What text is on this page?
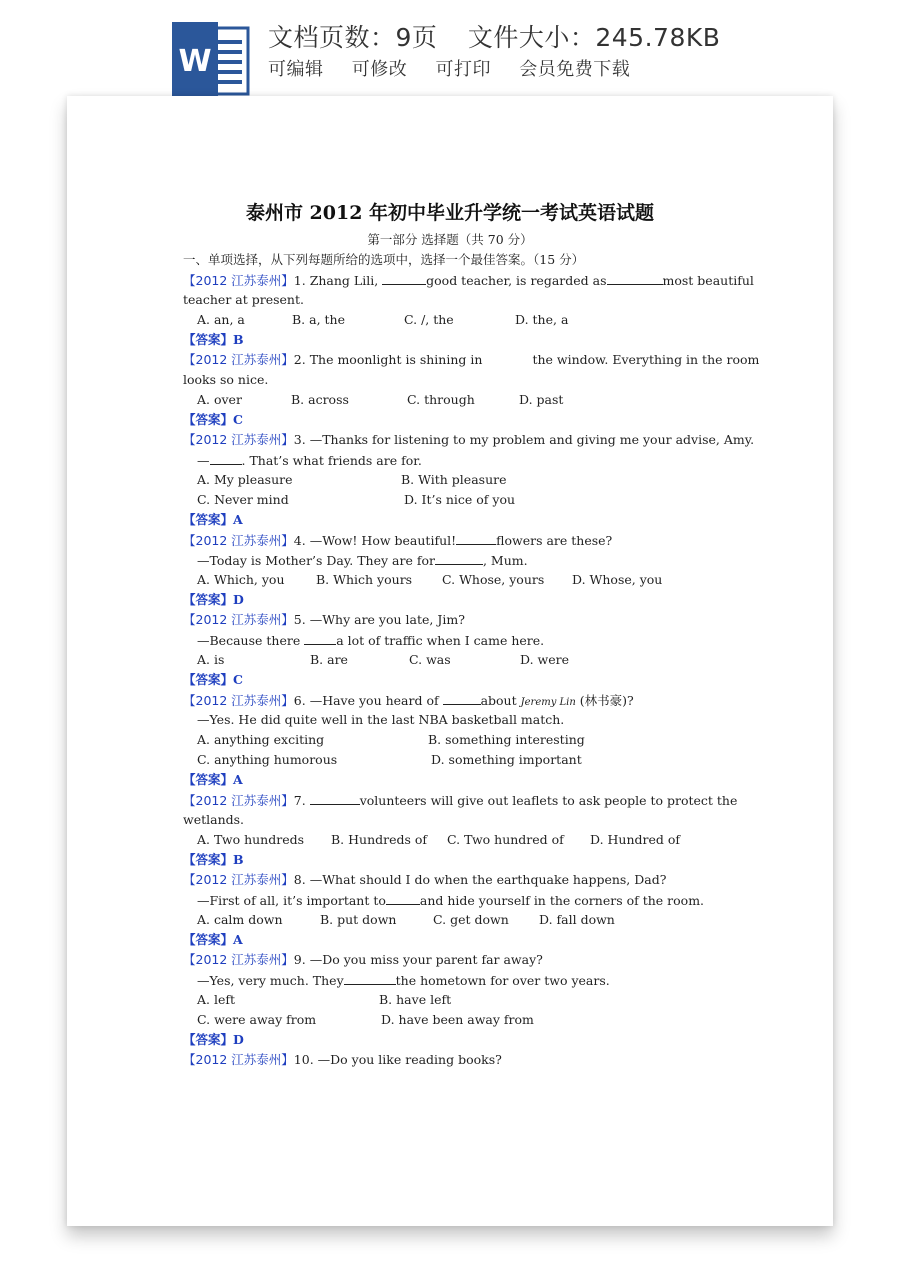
W
文档页数：9页 文件大小：245.78KB
可编辑 可修改 可打印 会员免费下载
泰州市 2012 年初中毕业升学统一考试英语试题
第一部分 选择题（共 70 分）
一、单项选择，从下列每题所给的选项中，选择一个最佳答案。（15 分）
【2012 江苏泰州】1. Zhang Lili,	good teacher, is regarded as	most beautiful
teacher at present.
A. an, a	B. a, the	C. /, the	D. the, a
【答案】B
【2012 江苏泰州】2. The moonlight is shining in	the window. Everything in the room
looks so nice.
A. over	B. across	C. through	D. past
【答案】C
【2012 江苏泰州】3. —Thanks for listening to my problem and giving me your advise, Amy.
—	. That’s what friends are for.
A. My pleasure	B. With pleasure
C. Never mind	D. It’s nice of you
【答案】A
【2012 江苏泰州】4. —Wow! How beautiful!	flowers are these?
—Today is Mother’s Day. They are for	, Mum.
A. Which, you	B. Which yours C. Whose, yours D. Whose, you
【答案】D
【2012 江苏泰州】5. —Why are you late, Jim?
—Because there	a lot of traffic when I came here.
A. is	B. are	C. was	D. were
【答案】C
【2012 江苏泰州】6. —Have you heard of	about Jeremy Lin (林书豪)?
—Yes. He did quite well in the last NBA basketball match.
A. anything exciting	B. something interesting
C. anything humorous	D. something important
【答案】A
【2012 江苏泰州】7.	volunteers will give out leaflets to ask people to protect the
wetlands.
A. Two hundreds B. Hundreds of C. Two hundred of D. Hundred of
【答案】B
【2012 江苏泰州】8. —What should I do when the earthquake happens, Dad?
—First of all, it’s important to	and hide yourself in the corners of the room.
A. calm down	B. put down	C. get down D. fall down
【答案】A
【2012 江苏泰州】9. —Do you miss your parent far away?
—Yes, very much. They	the hometown for over two years.
A. left	B. have left
C. were away from	D. have been away from
【答案】D
【2012 江苏泰州】10. —Do you like reading books?
